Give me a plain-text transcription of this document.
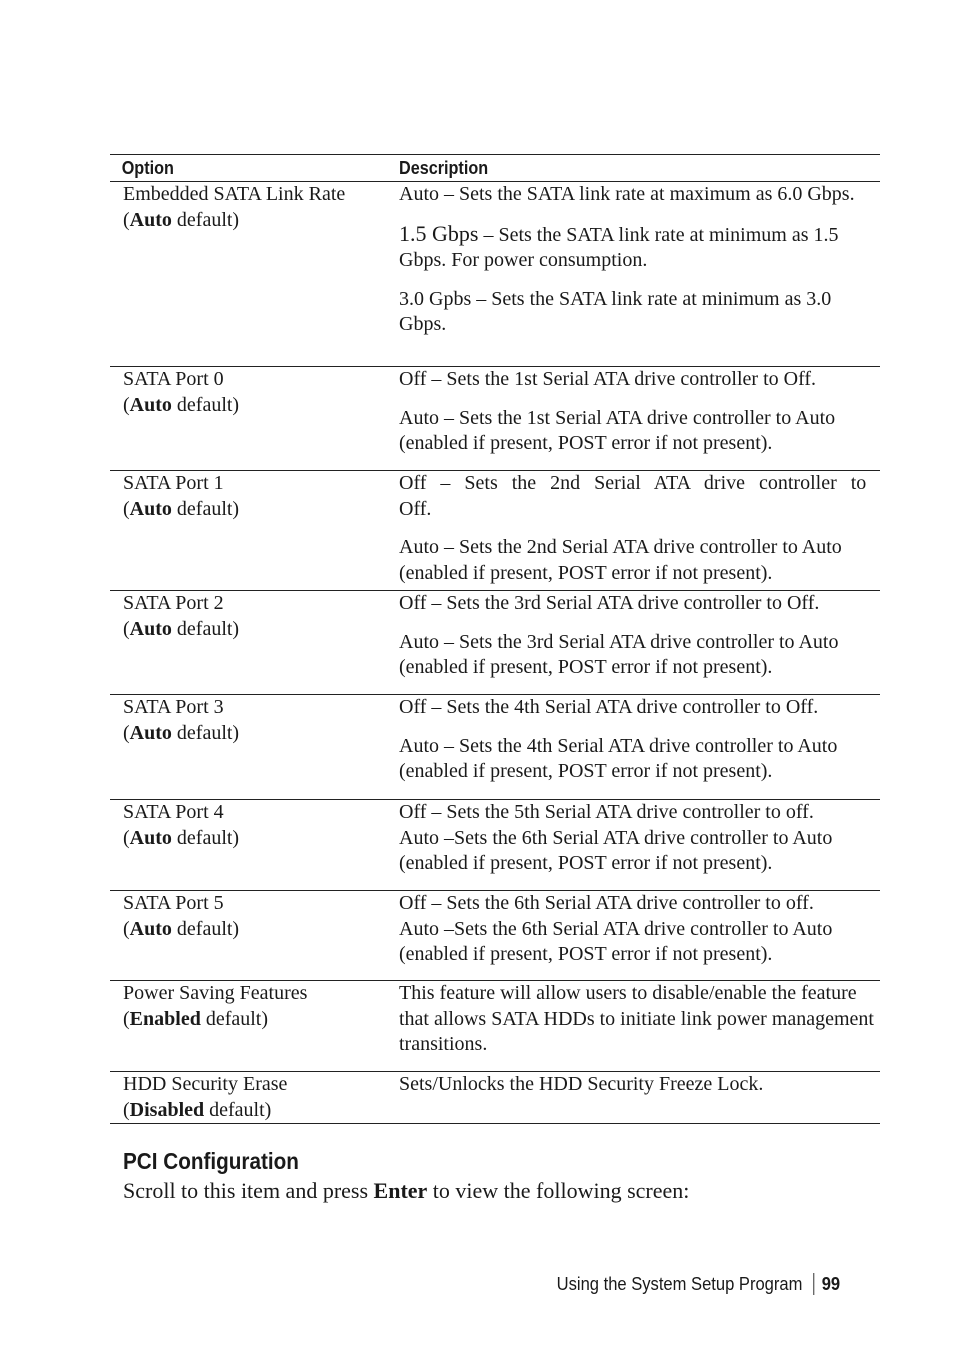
Option	Description
Embedded SATA Link Rate
(Auto default)

Auto – Sets the SATA link rate at maximum as 6.0 Gbps.

1.5 Gbps – Sets the SATA link rate at minimum as 1.5 Gbps. For power consumption.

3.0 Gpbs – Sets the SATA link rate at minimum as 3.0 Gbps.

SATA Port 0
(Auto default)

Off – Sets the 1st Serial ATA drive controller to Off.

Auto – Sets the 1st Serial ATA drive controller to Auto (enabled if present, POST error if not present).

SATA Port 1
(Auto default)

Off – Sets the 2nd Serial ATA drive controller to Off.

Auto – Sets the 2nd Serial ATA drive controller to Auto (enabled if present, POST error if not present).

SATA Port 2
(Auto default)

Off – Sets the 3rd Serial ATA drive controller to Off.

Auto – Sets the 3rd Serial ATA drive controller to Auto (enabled if present, POST error if not present).

SATA Port 3
(Auto default)

Off – Sets the 4th Serial ATA drive controller to Off.

Auto – Sets the 4th Serial ATA drive controller to Auto (enabled if present, POST error if not present).

SATA Port 4
(Auto default)

Off – Sets the 5th Serial ATA drive controller to off.

Auto –Sets the 6th Serial ATA drive controller to Auto (enabled if present, POST error if not present).

SATA Port 5
(Auto default)

Off – Sets the 6th Serial ATA drive controller to off.

Auto –Sets the 6th Serial ATA drive controller to Auto (enabled if present, POST error if not present).

Power Saving Features
(Enabled default)

This feature will allow users to disable/enable the feature that allows SATA HDDs to initiate link power management transitions.

HDD Security Erase
(Disabled default)

Sets/Unlocks the HDD Security Freeze Lock.

PCI Configuration

Scroll to this item and press Enter to view the following screen:

Using the System Setup Program 99
